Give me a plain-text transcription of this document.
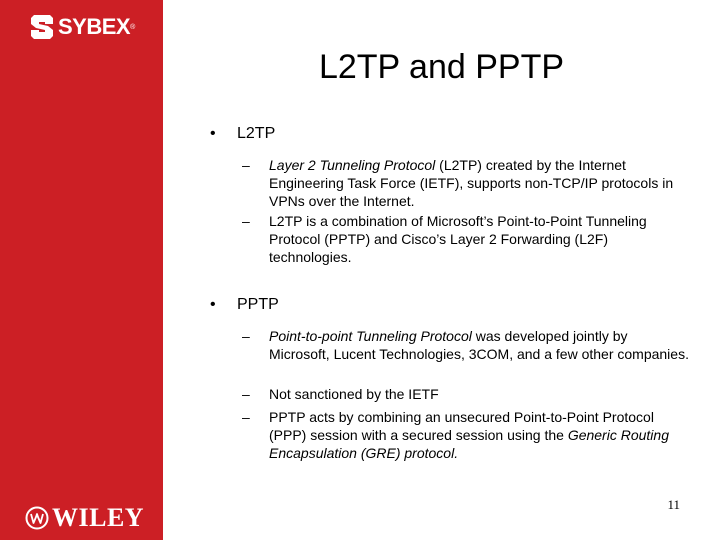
SYBEX ®
WILEY
L2TP and PPTP
• L2TP
– Layer 2 Tunneling Protocol (L2TP) created by the Internet Engineering Task Force (IETF), supports non-TCP/IP protocols in VPNs over the Internet.
– L2TP is a combination of Microsoft’s Point-to-Point Tunneling Protocol (PPTP) and Cisco’s Layer 2 Forwarding (L2F) technologies.
• PPTP
– Point-to-point Tunneling Protocol was developed jointly by Microsoft, Lucent Technologies, 3COM, and a few other companies.
– Not sanctioned by the IETF
– PPTP acts by combining an unsecured Point-to-Point Protocol (PPP) session with a secured session using the Generic Routing Encapsulation (GRE) protocol.
11
